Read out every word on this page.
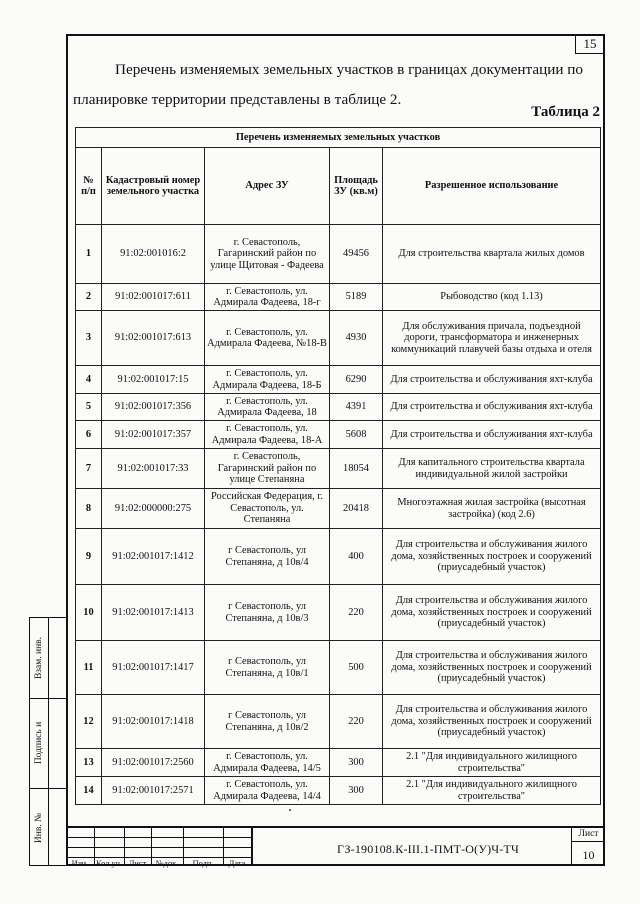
15
Перечень изменяемых земельных участков в границах документации по
планировке территории представлены в таблице 2.
Таблица 2
Перечень изменяемых земельных участков				
№ п/п	Кадастровый номер земельного участка	Адрес ЗУ	Площадь ЗУ (кв.м)	Разрешенное использование
1	91:02:001016:2	г. Севастополь, Гагаринский район по улице Щитовая - Фадеева	49456	Для строительства квартала жилых домов
2	91:02:001017:611	г. Севастополь, ул. Адмирала Фадеева, 18-г	5189	Рыбоводство (код 1.13)
3	91:02:001017:613	г. Севастополь, ул. Адмирала Фадеева, №18-В	4930	Для обслуживания причала, подъездной дороги, трансформатора и инженерных коммуникаций плавучей базы отдыха и отеля
4	91:02:001017:15	г. Севастополь, ул. Адмирала Фадеева, 18-Б	6290	Для строительства и обслуживания яхт-клуба
5	91:02:001017:356	г. Севастополь, ул. Адмирала Фадеева, 18	4391	Для строительства и обслуживания яхт-клуба
6	91:02:001017:357	г. Севастополь, ул. Адмирала Фадеева, 18-А	5608	Для строительства и обслуживания яхт-клуба
7	91:02:001017:33	г. Севастополь, Гагаринский район по улице Степаняна	18054	Для капитального строительства квартала индивидуальной жилой застройки
8	91:02:000000:275	Российская Федерация, г. Севастополь, ул. Степаняна	20418	Многоэтажная жилая застройка (высотная застройка) (код 2.6)
9	91:02:001017:1412	г Севастополь, ул Степаняна, д 10в/4	400	Для строительства и обслуживания жилого дома, хозяйственных построек и сооружений (приусадебный участок)
10	91:02:001017:1413	г Севастополь, ул Степаняна, д 10в/3	220	Для строительства и обслуживания жилого дома, хозяйственных построек и сооружений (приусадебный участок)
11	91:02:001017:1417	г Севастополь, ул Степаняна, д 10в/1	500	Для строительства и обслуживания жилого дома, хозяйственных построек и сооружений (приусадебный участок)
12	91:02:001017:1418	г Севастополь, ул Степаняна, д 10в/2	220	Для строительства и обслуживания жилого дома, хозяйственных построек и сооружений (приусадебный участок)
13	91:02:001017:2560	г. Севастополь, ул. Адмирала Фадеева, 14/5	300	2.1 "Для индивидуального жилищного строительства"
14	91:02:001017:2571	г. Севастополь, ул. Адмирала Фадеева, 14/4	300	2.1 "Для индивидуального жилищного строительства"
Взам. инв.
Подпись и
Инв. №
Изм. Кол.уч. Лист	№док.	Подп.	Дата
ГЗ-190108.К-III.1-ПМТ-О(У)Ч-ТЧ
Лист
10
